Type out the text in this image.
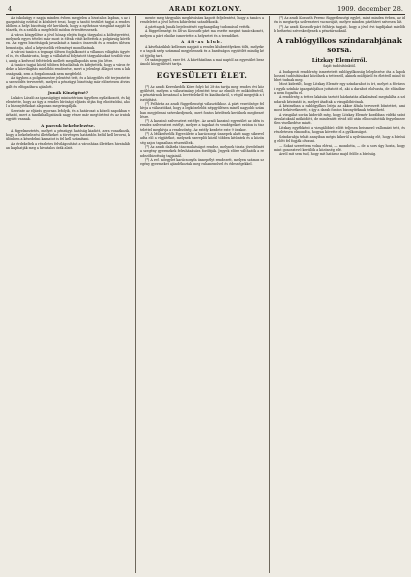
4	ARADI KOZLONY.	1909. december 28.

Az iskolaügy e napja minden évben megjelen a hivatalos lapban, s az igazgatóság ezúttal is közhírré teszi, hogy a tanító testület tagjai a rendes időben a helyi bizottság elé kerülnek, hogy a nyilvános vizsgálat napját kitűzzék, és a szülők a megfelelő módon értesíttessenek.

A város közgyűlése a jövő hónap elején fogja tárgyalni a költségvetést, melynek egyes tételei már most is élénk vitát keltettek a polgárság körében. Az egyes bizottságok javaslatait a tanács összesíti és a rendes ülésen bemutatja, ahol a képviselők véleményt mondhatnak.

A városi tanács a tegnapi ülésen foglalkozott a villamos világítás ügyével is, és elhatározta, hogy a vállalattal folytatott tárgyalásokat tovább viszi, amíg a kedvező feltételek mellett megállapodás nem jön létre.

A tanács tagjai közül többen felszólaltak és kifejtették, hogy a város érdeke a közvilágítás mielőbbi rendezése, mert a jelenlegi állapot sem a lakosságnak, sem a forgalomnak nem megfelelő.

Az ügyben a polgármester jelentést tett, és a közgyűlés elé terjesztette a szerződés tervezetét, melyet a pénzügyi bizottság már előzetesen átvizsgált és elfogadásra ajánlott.

Junák Kinzigéné?

Lukács László az igazságügyi minisztérium ügyében nyilatkozott, és kijelentette, hogy az ügy a rendes bírósági eljárás útján fog elintéződni, ahol a bizonyítékokat alaposan megvizsgálják.

Szerinte az eljárás gyorsan lefolyik, és a határozat a közeli napokban várható, mert a tanúkihallgatások nagy része már megtörtént és az iratok együtt vannak.

A parcuk bekebelezése.

A figyelmeztetés, melyet a pénzügyi hatóság kiadott, arra vonatkozik, hogy a bekebelezési illetékeket a törvényes határidőn belül kell lerovni, különben a késedelmi kamatot is fel kell számítani.

Az érdekeltek a részletes felvilágosítást a városháza illetékes hivatalában kaphatják meg a hivatalos órák alatt.

mente meg tárgyalás meghívására kapott feljelentést, hogy a tanács a rendeletet a jövő héten kihirdetni szándékozik.

A párttagok Junák bejelentését egyhangúlag tudomásul vették.

A függetlenségi és 48-as Kossuth-párt ma esette megint tanácskozott, melyen a párt elnöke ismertette a helyzetet és a teendőket.

A 48-as klub.

A kávéháziklub kellemes napjait a rendes klubestélyeken tölti, melyekre a tagok szép számmal megjelennek és a barátságos együttlét mindig késő éjjelig tart.

Öt számjeggyel, ezer frt. A kávéháziban a mai naptól az egyesület beszámoló közgyűlését tartja.

EGYESÜLETI ÉLET.

(*) Az aradi Kereskedők Köre folyó hó 28-án tartja meg rendes évi közgyűlését, melyen a választmány jelentést tesz az elmúlt év működéséről, a pénztárnok beszámol a bevételekről és kiadásokról, s végül megejtik a tisztújítást.

(*) Felhívás az aradi függetlenségi választókhoz. A párt vezetősége felhívja a választókat, hogy a legközelebbi népgyűlésen minél nagyobb számban megjelenni szíveskedjenek, mert fontos kérdések kerülnek megbeszélésre.

(*) A kaszinó szilveszteri estélye. Az aradi kaszinó egyesület az idén is rendez szilveszteri estélyt, melyre a tagokat és vendégeiket ezúton is tisztelettel meghívja a rendezőség. Az estély kezdete este 9 órakor.

(*) A Műkedvelők Egyesülete a karácsonyi ünnepek alatt nagy sikerrel adta elő a vígjátékot, melynek szereplői közül többen kitűntek és a közönség zajos tapsaiban részesültek.

(*) Az aradi dalárda táncmulatságot rendez, melynek tiszta jövedelmét a szegény gyermekek felruházására fordítják. Jegyek előre válthatók a rendezőbizottság tagjainál.

(*) A ref. nőegylet karácsonyfa ünnepélyt rendezett, melyen számos szegény gyermeket ajándékoztak meg ruhaneművel és édességekkel.

(*) Az aradi Kossuth Ferenc függetlenségi egylet, mint minden évben, az idén is megtartja szilveszteri vacsoráját, melyre minden párthívet szívesen lát.

(*) Az aradi Kossuth-párt felhívja tagjait, hogy a jövő évi tagdíjakat mielőbb befizetni szíveskedjenek a pénztárnoknál.

A rablógyilkos színdarabjának sorsa.
Litzkay Elemérről.
Saját tudósítónktól.

A budapesti rendőrség ismertetett rablógyilkosság leleplezése óta a lapok hosszú tudósításokat közölnek a tettesről, akinek múltjáról és életéről mind többet tudnak meg.

Most kiderült, hogy Litzkay Elemér egy színdarabot is írt, melyet a fővárosi egyik színház igazgatójához juttatott el, aki a darabot elolvasta, de előadásra nem fogadta el.

A rendőrség a tettes lakásán tartott házkutatás alkalmával megtalálta a színdarab kéziratát is, melyet átadtak a vizsgálóbírónak.

A kéziratban a rablógyilkos leírja az akkor általa tervezett bűntettet, ami most bekövetkezett, s így a darab fontos bizonyítéknak tekinthető.

A vizsgálat során kiderült még, hogy Litzkay Elemér korábban vidéki színtársulatoknál működött, de mindenütt rövid idő után elbocsátották fegyelmezetlen viselkedése miatt.

Litzkay egyébként a vizsgálóbíró előtt teljesen beismerő vallomást tett, és részletesen elmondta, hogyan követte el a gyilkosságot.

Színdarabja tehát annyiban mégis kikerül a nyilvánosság elé, hogy a bíróság előtt fel fogják olvasni.

— Sokat szerettem volna elérni, — mondotta, — de a sors úgy hozta, hogy mint gonosztevő kerülök a közönség elé.

Arról mit sem tud, hogy mit határoz majd felőle a bíróság.
